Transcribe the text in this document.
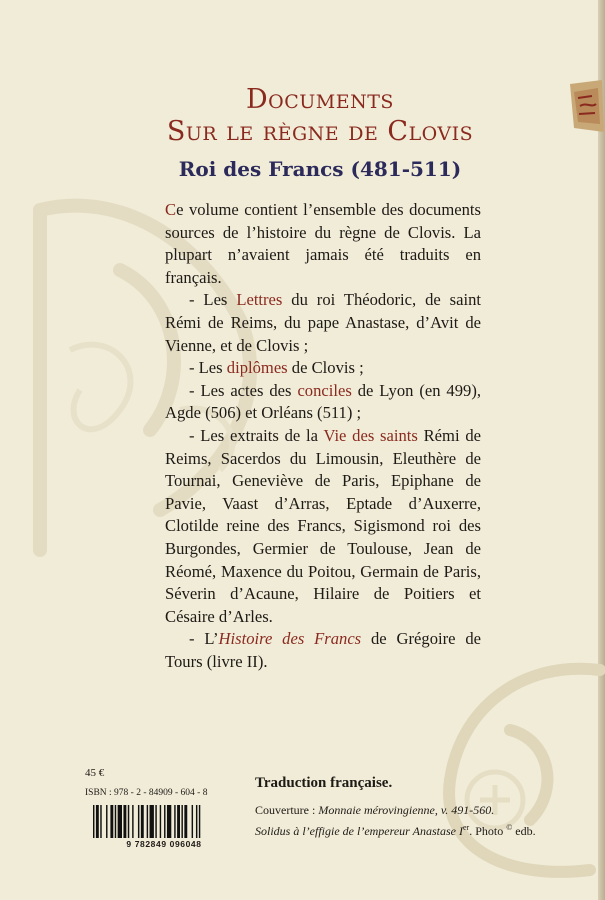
Documents
Sur le règne de Clovis
Roi des Francs (481-511)

Ce volume contient l’ensemble des documents sources de l’histoire du règne de Clovis. La plupart n’avaient jamais été traduits en français.

- Les Lettres du roi Théodoric, de saint Rémi de Reims, du pape Anastase, d’Avit de Vienne, et de Clovis ;

- Les diplômes de Clovis ;

- Les actes des conciles de Lyon (en 499), Agde (506) et Orléans (511) ;

- Les extraits de la Vie des saints Rémi de Reims, Sacerdos du Limousin, Eleuthère de Tournai, Geneviève de Paris, Epiphane de Pavie, Vaast d’Arras, Eptade d’Auxerre, Clotilde reine des Francs, Sigismond roi des Burgondes, Germier de Toulouse, Jean de Réomé, Maxence du Poitou, Germain de Paris, Séverin d’Acaune, Hilaire de Poitiers et Césaire d’Arles.

- L’Histoire des Francs de Grégoire de Tours (livre II).

45 €
ISBN : 978 - 2 - 84909 - 604 - 8
9 782849 096048

Traduction française.

Couverture : Monnaie mérovingienne, v. 491-560.
Solidus à l’effigie de l’empereur Anastase Ier. Photo © edb.
